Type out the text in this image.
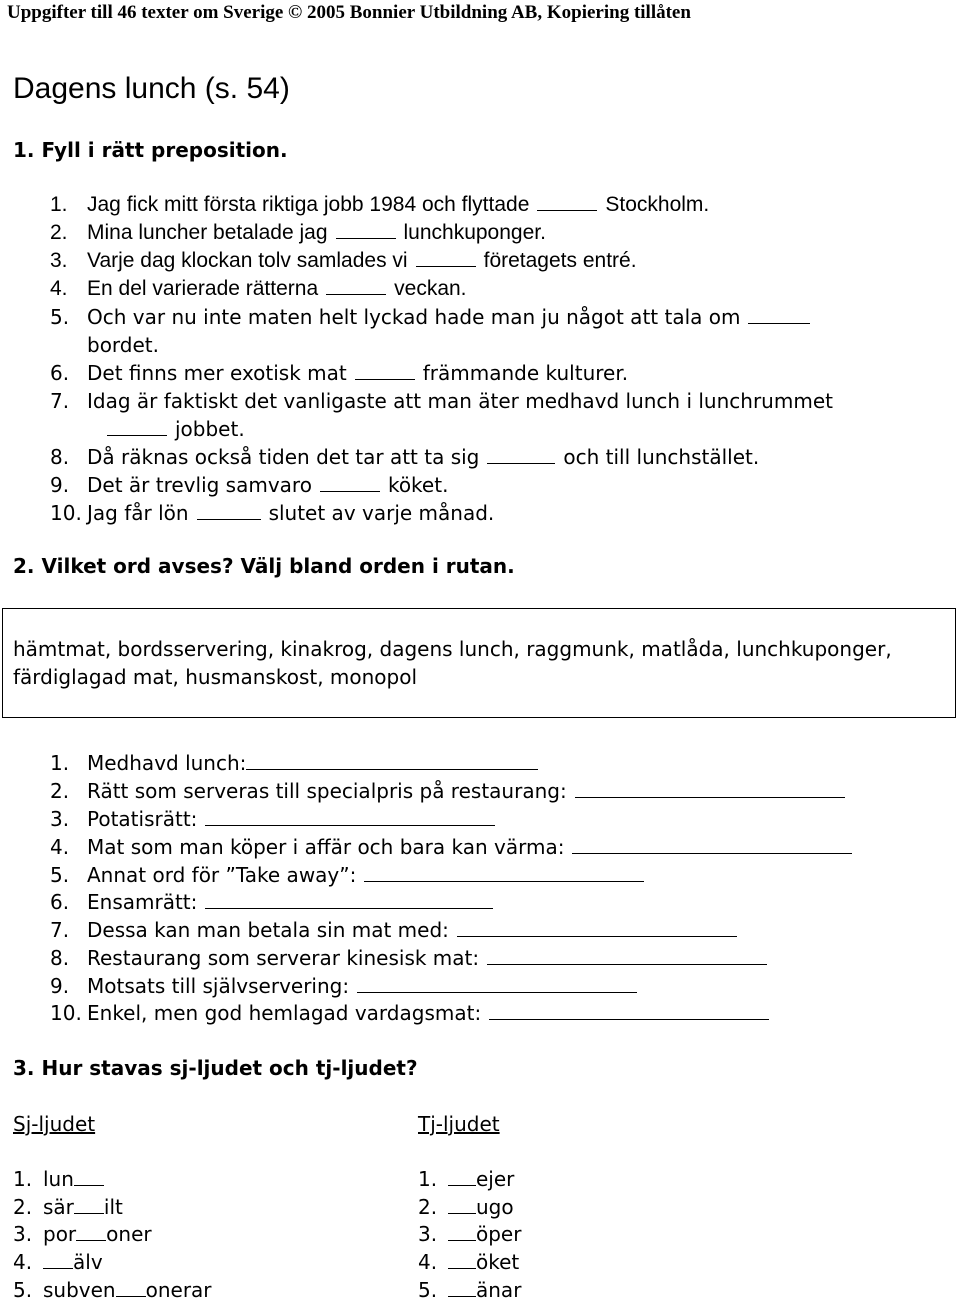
Uppgifter till 46 texter om Sverige © 2005 Bonnier Utbildning AB, Kopiering tillåten
Dagens lunch (s. 54)
1. Fyll i rätt preposition.
1. Jag fick mitt första riktiga jobb 1984 och flyttade	Stockholm.
2. Mina luncher betalade jag	lunchkuponger.
3. Varje dag klockan tolv samlades vi	företagets entré.
4. En del varierade rätterna	veckan.
5. Och var nu inte maten helt lyckad hade man ju något att tala om
bordet.
6. Det finns mer exotisk mat	främmande kulturer.
7. Idag är faktiskt det vanligaste att man äter medhavd lunch i lunchrummet
jobbet.
8. Då räknas också tiden det tar att ta sig	och till lunchstället.
9. Det är trevlig samvaro	köket.
10. Jag får lön	slutet av varje månad.
2. Vilket ord avses? Välj bland orden i rutan.

hämtmat, bordsservering, kinakrog, dagens lunch, raggmunk, matlåda, lunchkuponger, färdiglagad mat, husmanskost, monopol

1. Medhavd lunch:
2. Rätt som serveras till specialpris på restaurang:
3. Potatisrätt:
4. Mat som man köper i affär och bara kan värma:
5. Annat ord för ”Take away”:
6. Ensamrätt:
7. Dessa kan man betala sin mat med:
8. Restaurang som serverar kinesisk mat:
9. Motsats till självservering:
10. Enkel, men god hemlagad vardagsmat:
3. Hur stavas sj-ljudet och tj-ljudet?
Sj-ljudet	Tj-ljudet
1. lun
2. sär ilt
3. por oner
4. älv
5. subven onerar
1. ejer
2. ugo
3. öper
4. öket
5. änar
